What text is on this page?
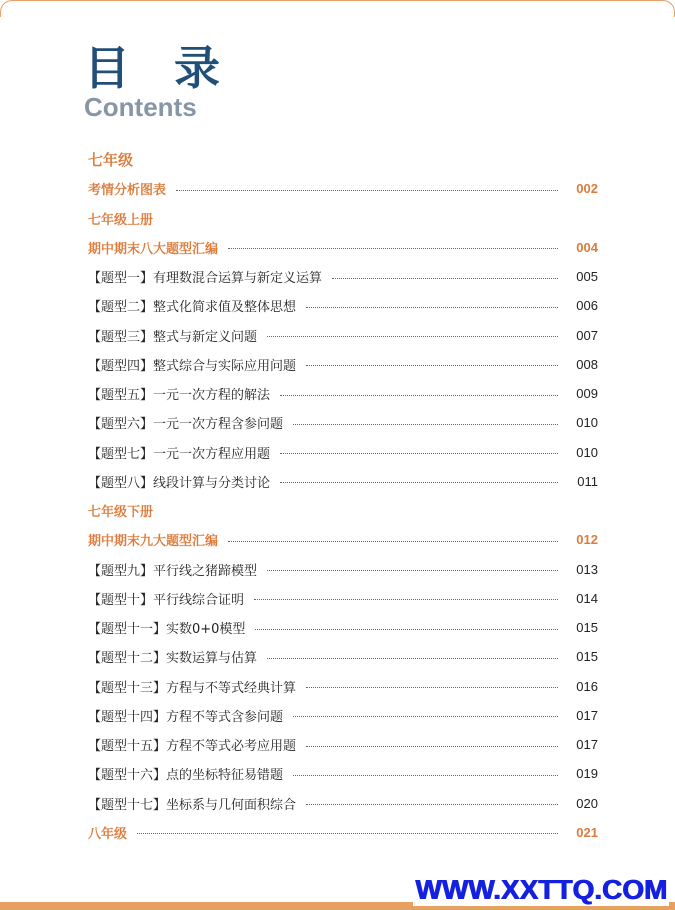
目 录
Contents
七年级
考情分析图表	002
七年级上册
期中期末八大题型汇编	004
【题型一】有理数混合运算与新定义运算	005
【题型二】整式化简求值及整体思想	006
【题型三】整式与新定义问题	007
【题型四】整式综合与实际应用问题	008
【题型五】一元一次方程的解法	009
【题型六】一元一次方程含参问题	010
【题型七】一元一次方程应用题	010
【题型八】线段计算与分类讨论	011
七年级下册
期中期末九大题型汇编	012
【题型九】平行线之猪蹄模型	013
【题型十】平行线综合证明	014
【题型十一】实数0+0模型	015
【题型十二】实数运算与估算	015
【题型十三】方程与不等式经典计算	016
【题型十四】方程不等式含参问题	017
【题型十五】方程不等式必考应用题	017
【题型十六】点的坐标特征易错题	019
【题型十七】坐标系与几何面积综合	020
八年级	021
WWW.XXTTQ.COM
